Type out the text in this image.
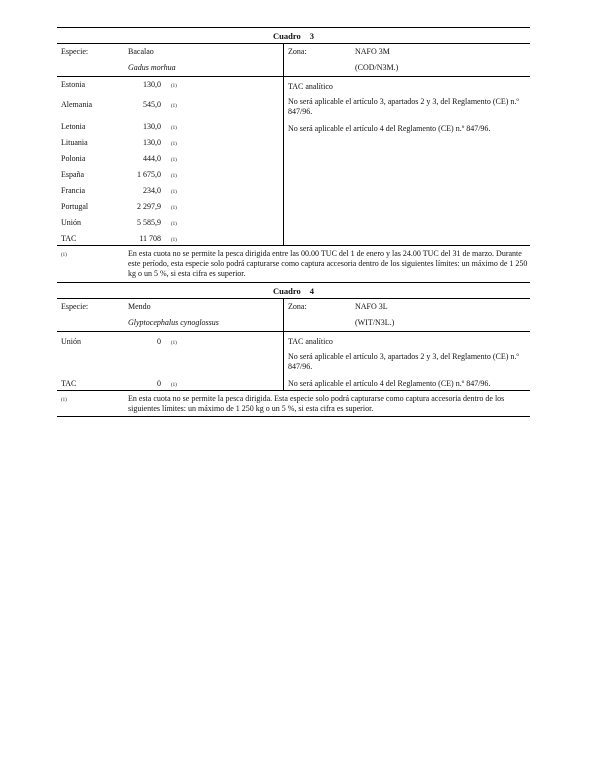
Cuadro 3
Especie:	Bacalao
Gadus morhua
Zona:	NAFO 3M
(COD/N3M.)
Estonia	130,0 (1)
Alemania	545,0 (1)
Letonia	130,0 (1)
Lituania	130,0 (1)
Polonia	444,0 (1)
España	1 675,0 (1)
Francia	234,0 (1)
Portugal	2 297,9 (1)
Unión	5 585,9 (1)
TAC	11 708 (1)
TAC analítico
No será aplicable el artículo 3, apartados 2 y 3, del Reglamento (CE) n.º 847/96.
No será aplicable el artículo 4 del Reglamento (CE) n.º 847/96.
$_{(1)}$	En esta cuota no se permite la pesca dirigida entre las 00.00 TUC del 1 de enero y las 24.00 TUC del 31 de marzo. Durante este período, esta especie solo podrá capturarse como captura accesoria dentro de los siguientes límites: un máximo de 1 250 kg o un 5 %, si esta cifra es superior.
Cuadro 4
Especie:	Mendo
Glyptocephalus cynoglossus
Zona:	NAFO 3L
(WIT/N3L.)
Unión	0 (1)
TAC	0 (1)
TAC analítico
No será aplicable el artículo 3, apartados 2 y 3, del Reglamento (CE) n.º 847/96.
No será aplicable el artículo 4 del Reglamento (CE) n.º 847/96.
$_{(1)}$	En esta cuota no se permite la pesca dirigida. Esta especie solo podrá capturarse como captura accesoria dentro de los siguientes límites: un máximo de 1 250 kg o un 5 %, si esta cifra es superior.
